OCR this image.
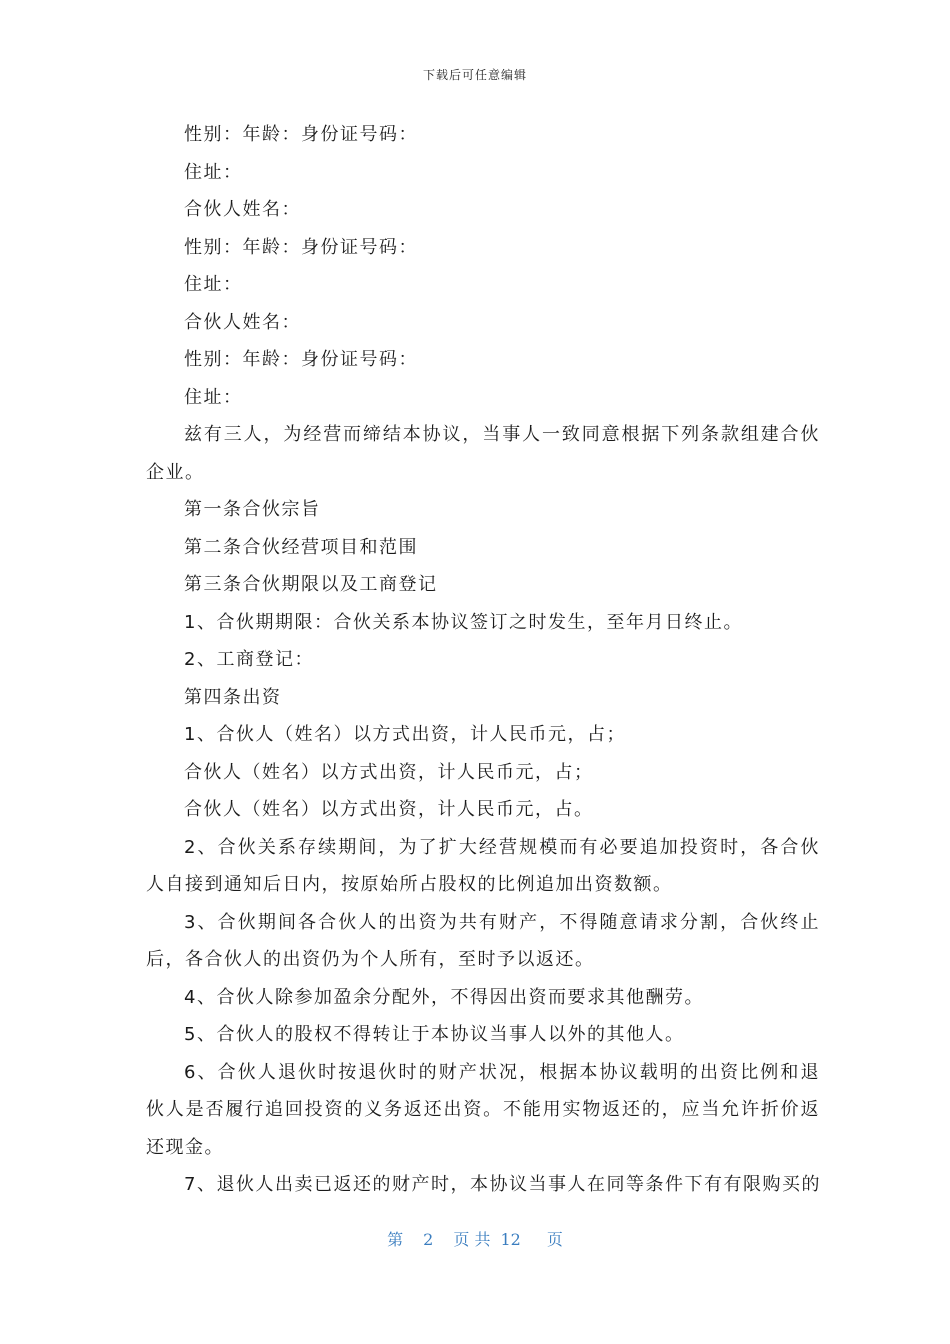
下载后可任意编辑
性别：年龄：身份证号码：
住址：
合伙人姓名：
性别：年龄：身份证号码：
住址：
合伙人姓名：
性别：年龄：身份证号码：
住址：
兹有三人，为经营而缔结本协议，当事人一致同意根据下列条款组建合伙企业。
第一条合伙宗旨
第二条合伙经营项目和范围
第三条合伙期限以及工商登记
1、合伙期期限：合伙关系本协议签订之时发生，至年月日终止。
2、工商登记：
第四条出资
1、合伙人（姓名）以方式出资，计人民币元，占；
合伙人（姓名）以方式出资，计人民币元，占；
合伙人（姓名）以方式出资，计人民币元，占。
2、合伙关系存续期间，为了扩大经营规模而有必要追加投资时，各合伙人自接到通知后日内，按原始所占股权的比例追加出资数额。
3、合伙期间各合伙人的出资为共有财产，不得随意请求分割，合伙终止后，各合伙人的出资仍为个人所有，至时予以返还。
4、合伙人除参加盈余分配外，不得因出资而要求其他酬劳。
5、合伙人的股权不得转让于本协议当事人以外的其他人。
6、合伙人退伙时按退伙时的财产状况，根据本协议载明的出资比例和退伙人是否履行追回投资的义务返还出资。不能用实物返还的，应当允许折价返还现金。
7、退伙人出卖已返还的财产时，本协议当事人在同等条件下有有限购买的
第 2 页 共 12 页
